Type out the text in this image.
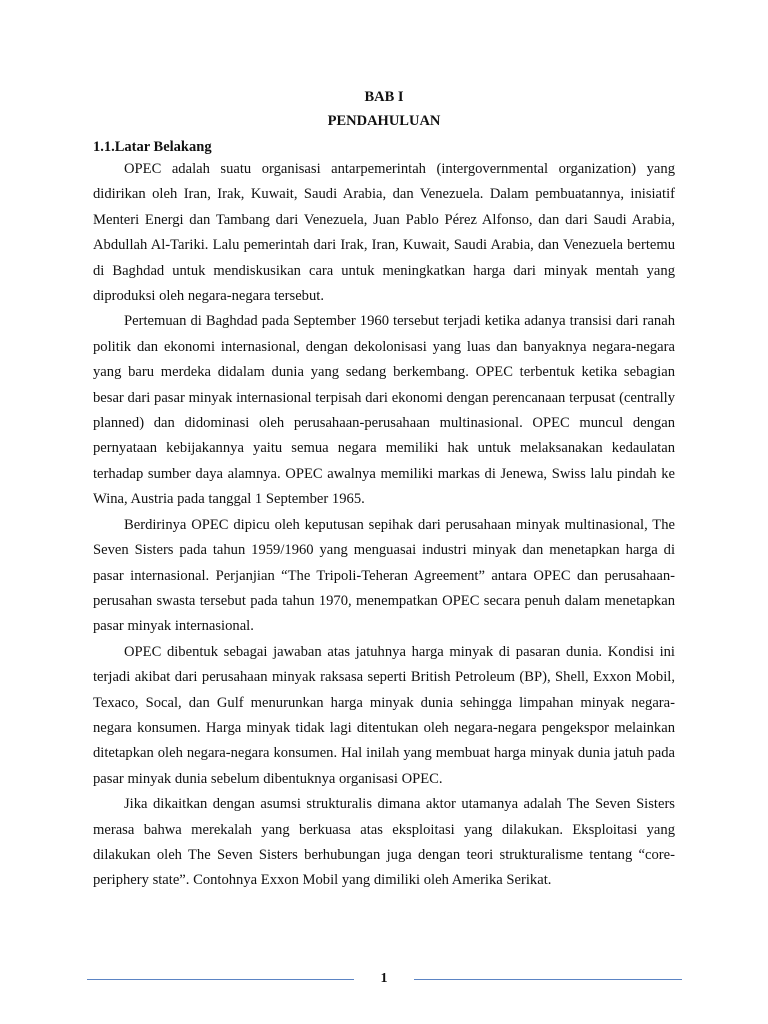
BAB I
PENDAHULUAN
1.1.Latar Belakang

OPEC adalah suatu organisasi antarpemerintah (intergovernmental organization) yang didirikan oleh Iran, Irak, Kuwait, Saudi Arabia, dan Venezuela. Dalam pembuatannya, inisiatif Menteri Energi dan Tambang dari Venezuela, Juan Pablo Pérez Alfonso, dan dari Saudi Arabia, Abdullah Al-Tariki. Lalu pemerintah dari Irak, Iran, Kuwait, Saudi Arabia, dan Venezuela bertemu di Baghdad untuk mendiskusikan cara untuk meningkatkan harga dari minyak mentah yang diproduksi oleh negara-negara tersebut.

Pertemuan di Baghdad pada September 1960 tersebut terjadi ketika adanya transisi dari ranah politik dan ekonomi internasional, dengan dekolonisasi yang luas dan banyaknya negara-negara yang baru merdeka didalam dunia yang sedang berkembang. OPEC terbentuk ketika sebagian besar dari pasar minyak internasional terpisah dari ekonomi dengan perencanaan terpusat (centrally planned) dan didominasi oleh perusahaan-perusahaan multinasional. OPEC muncul dengan pernyataan kebijakannya yaitu semua negara memiliki hak untuk melaksanakan kedaulatan terhadap sumber daya alamnya. OPEC awalnya memiliki markas di Jenewa, Swiss lalu pindah ke Wina, Austria pada tanggal 1 September 1965.

Berdirinya OPEC dipicu oleh keputusan sepihak dari perusahaan minyak multinasional, The Seven Sisters pada tahun 1959/1960 yang menguasai industri minyak dan menetapkan harga di pasar internasional. Perjanjian “The Tripoli-Teheran Agreement” antara OPEC dan perusahaan-perusahan swasta tersebut pada tahun 1970, menempatkan OPEC secara penuh dalam menetapkan pasar minyak internasional.

OPEC dibentuk sebagai jawaban atas jatuhnya harga minyak di pasaran dunia. Kondisi ini terjadi akibat dari perusahaan minyak raksasa seperti British Petroleum (BP), Shell, Exxon Mobil, Texaco, Socal, dan Gulf menurunkan harga minyak dunia sehingga limpahan minyak negara-negara konsumen. Harga minyak tidak lagi ditentukan oleh negara-negara pengekspor melainkan ditetapkan oleh negara-negara konsumen. Hal inilah yang membuat harga minyak dunia jatuh pada pasar minyak dunia sebelum dibentuknya organisasi OPEC.

Jika dikaitkan dengan asumsi strukturalis dimana aktor utamanya adalah The Seven Sisters merasa bahwa merekalah yang berkuasa atas eksploitasi yang dilakukan. Eksploitasi yang dilakukan oleh The Seven Sisters berhubungan juga dengan teori strukturalisme tentang “core-periphery state”. Contohnya Exxon Mobil yang dimiliki oleh Amerika Serikat.

1
